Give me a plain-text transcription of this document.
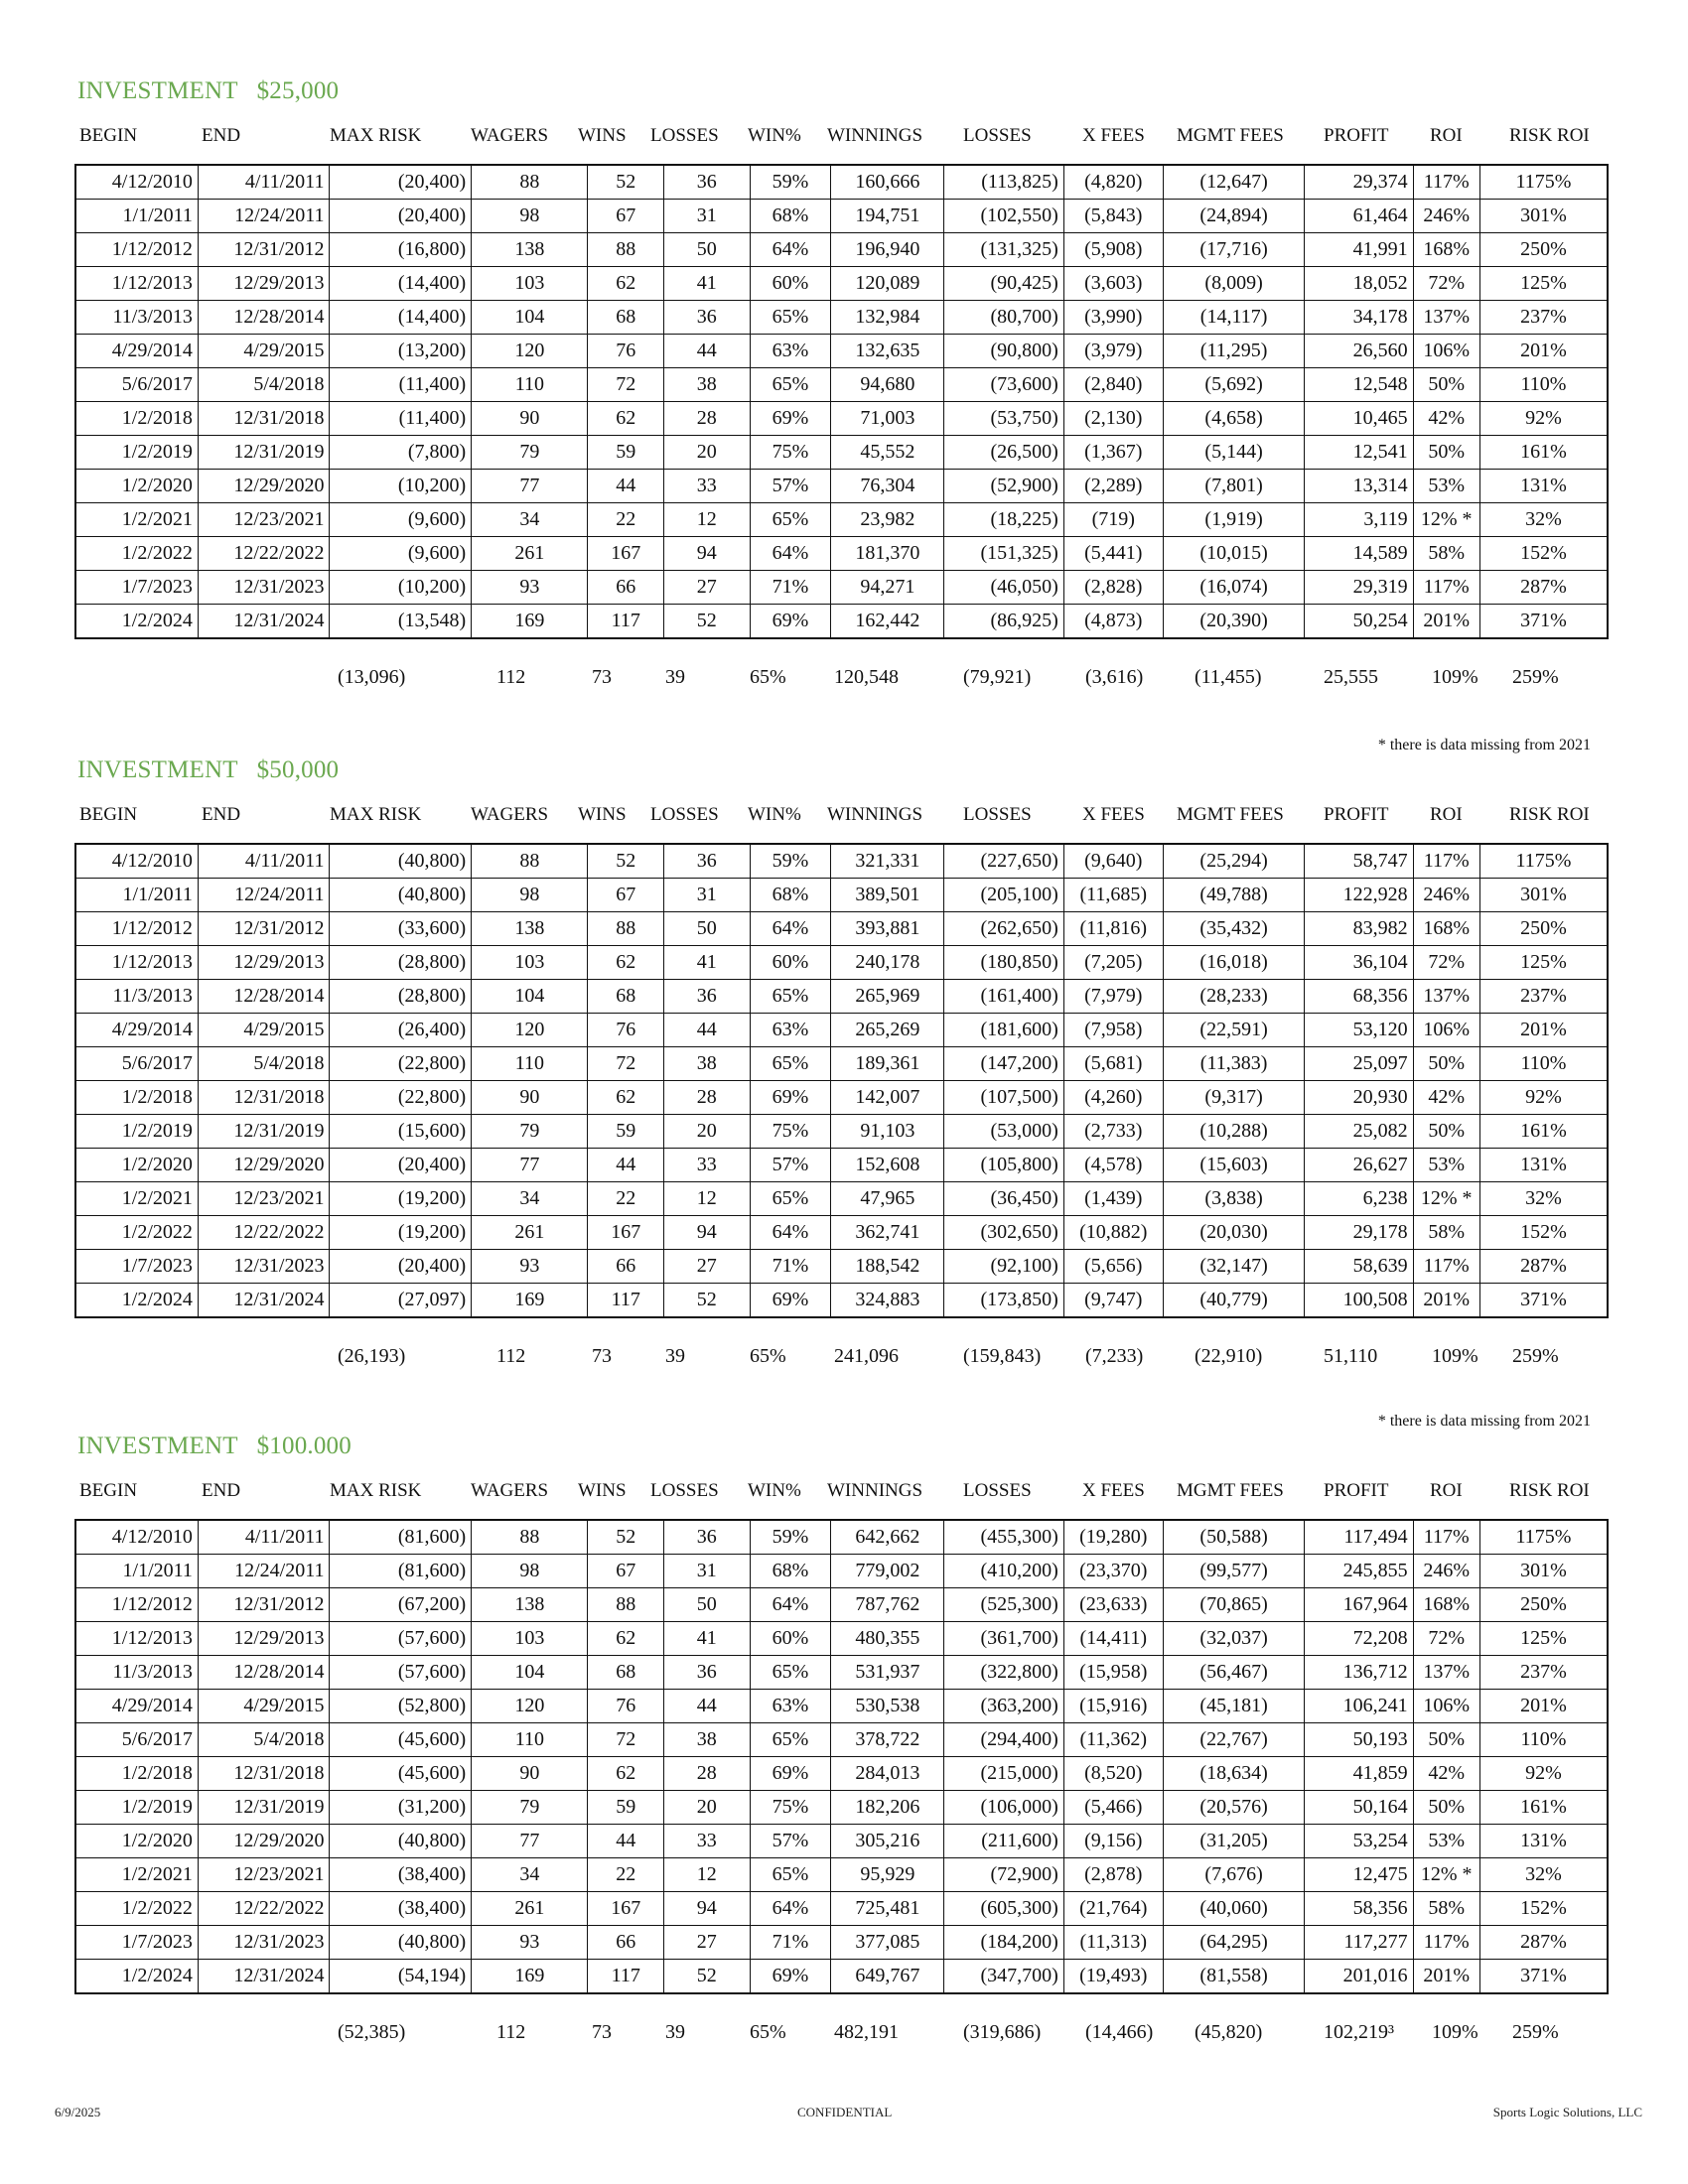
INVESTMENT   $25,000
BEGIN	END	MAX RISK	WAGERS WINS LOSSES WIN% WINNINGS LOSSES	X FEES MGMT FEES PROFIT ROI RISK ROI
4/12/2010	4/11/2011	(20,400)	88	52	36	59%	160,666	(113,825)	(4,820)	(12,647)	29,374	117%	1175%
1/1/2011	12/24/2011	(20,400)	98	67	31	68%	194,751	(102,550)	(5,843)	(24,894)	61,464	246%	301%
1/12/2012	12/31/2012	(16,800)	138	88	50	64%	196,940	(131,325)	(5,908)	(17,716)	41,991	168%	250%
1/12/2013	12/29/2013	(14,400)	103	62	41	60%	120,089	(90,425)	(3,603)	(8,009)	18,052	72%	125%
11/3/2013	12/28/2014	(14,400)	104	68	36	65%	132,984	(80,700)	(3,990)	(14,117)	34,178	137%	237%
4/29/2014	4/29/2015	(13,200)	120	76	44	63%	132,635	(90,800)	(3,979)	(11,295)	26,560	106%	201%
5/6/2017	5/4/2018	(11,400)	110	72	38	65%	94,680	(73,600)	(2,840)	(5,692)	12,548	50%	110%
1/2/2018	12/31/2018	(11,400)	90	62	28	69%	71,003	(53,750)	(2,130)	(4,658)	10,465	42%	92%
1/2/2019	12/31/2019	(7,800)	79	59	20	75%	45,552	(26,500)	(1,367)	(5,144)	12,541	50%	161%
1/2/2020	12/29/2020	(10,200)	77	44	33	57%	76,304	(52,900)	(2,289)	(7,801)	13,314	53%	131%
1/2/2021	12/23/2021	(9,600)	34	22	12	65%	23,982	(18,225)	(719)	(1,919)	3,119	12% *	32%
1/2/2022	12/22/2022	(9,600)	261	167	94	64%	181,370	(151,325)	(5,441)	(10,015)	14,589	58%	152%
1/7/2023	12/31/2023	(10,200)	93	66	27	71%	94,271	(46,050)	(2,828)	(16,074)	29,319	117%	287%
1/2/2024	12/31/2024	(13,548)	169	117	52	69%	162,442	(86,925)	(4,873)	(20,390)	50,254	201%	371%
(13,096)	112	73	39	65% 120,548	(79,921)	(3,616)	(11,455)	25,555	109% 259%
INVESTMENT   $50,000
* there is data missing from 2021
BEGIN	END	MAX RISK	WAGERS WINS LOSSES WIN% WINNINGS LOSSES	X FEES MGMT FEES PROFIT ROI RISK ROI
4/12/2010	4/11/2011	(40,800)	88	52	36	59%	321,331	(227,650)	(9,640)	(25,294)	58,747	117%	1175%
1/1/2011	12/24/2011	(40,800)	98	67	31	68%	389,501	(205,100)	(11,685)	(49,788)	122,928	246%	301%
1/12/2012	12/31/2012	(33,600)	138	88	50	64%	393,881	(262,650)	(11,816)	(35,432)	83,982	168%	250%
1/12/2013	12/29/2013	(28,800)	103	62	41	60%	240,178	(180,850)	(7,205)	(16,018)	36,104	72%	125%
11/3/2013	12/28/2014	(28,800)	104	68	36	65%	265,969	(161,400)	(7,979)	(28,233)	68,356	137%	237%
4/29/2014	4/29/2015	(26,400)	120	76	44	63%	265,269	(181,600)	(7,958)	(22,591)	53,120	106%	201%
5/6/2017	5/4/2018	(22,800)	110	72	38	65%	189,361	(147,200)	(5,681)	(11,383)	25,097	50%	110%
1/2/2018	12/31/2018	(22,800)	90	62	28	69%	142,007	(107,500)	(4,260)	(9,317)	20,930	42%	92%
1/2/2019	12/31/2019	(15,600)	79	59	20	75%	91,103	(53,000)	(2,733)	(10,288)	25,082	50%	161%
1/2/2020	12/29/2020	(20,400)	77	44	33	57%	152,608	(105,800)	(4,578)	(15,603)	26,627	53%	131%
1/2/2021	12/23/2021	(19,200)	34	22	12	65%	47,965	(36,450)	(1,439)	(3,838)	6,238	12% *	32%
1/2/2022	12/22/2022	(19,200)	261	167	94	64%	362,741	(302,650)	(10,882)	(20,030)	29,178	58%	152%
1/7/2023	12/31/2023	(20,400)	93	66	27	71%	188,542	(92,100)	(5,656)	(32,147)	58,639	117%	287%
1/2/2024	12/31/2024	(27,097)	169	117	52	69%	324,883	(173,850)	(9,747)	(40,779)	100,508	201%	371%
(26,193)	112	73	39	65% 241,096	(159,843) (7,233)	(22,910)	51,110	109% 259%
INVESTMENT   $100.000
* there is data missing from 2021
BEGIN	END	MAX RISK	WAGERS WINS LOSSES WIN% WINNINGS LOSSES	X FEES MGMT FEES PROFIT ROI RISK ROI
4/12/2010	4/11/2011	(81,600)	88	52	36	59%	642,662	(455,300)	(19,280)	(50,588)	117,494	117%	1175%
1/1/2011	12/24/2011	(81,600)	98	67	31	68%	779,002	(410,200)	(23,370)	(99,577)	245,855	246%	301%
1/12/2012	12/31/2012	(67,200)	138	88	50	64%	787,762	(525,300)	(23,633)	(70,865)	167,964	168%	250%
1/12/2013	12/29/2013	(57,600)	103	62	41	60%	480,355	(361,700)	(14,411)	(32,037)	72,208	72%	125%
11/3/2013	12/28/2014	(57,600)	104	68	36	65%	531,937	(322,800)	(15,958)	(56,467)	136,712	137%	237%
4/29/2014	4/29/2015	(52,800)	120	76	44	63%	530,538	(363,200)	(15,916)	(45,181)	106,241	106%	201%
5/6/2017	5/4/2018	(45,600)	110	72	38	65%	378,722	(294,400)	(11,362)	(22,767)	50,193	50%	110%
1/2/2018	12/31/2018	(45,600)	90	62	28	69%	284,013	(215,000)	(8,520)	(18,634)	41,859	42%	92%
1/2/2019	12/31/2019	(31,200)	79	59	20	75%	182,206	(106,000)	(5,466)	(20,576)	50,164	50%	161%
1/2/2020	12/29/2020	(40,800)	77	44	33	57%	305,216	(211,600)	(9,156)	(31,205)	53,254	53%	131%
1/2/2021	12/23/2021	(38,400)	34	22	12	65%	95,929	(72,900)	(2,878)	(7,676)	12,475	12% *	32%
1/2/2022	12/22/2022	(38,400)	261	167	94	64%	725,481	(605,300)	(21,764)	(40,060)	58,356	58%	152%
1/7/2023	12/31/2023	(40,800)	93	66	27	71%	377,085	(184,200)	(11,313)	(64,295)	117,277	117%	287%
1/2/2024	12/31/2024	(54,194)	169	117	52	69%	649,767	(347,700)	(19,493)	(81,558)	201,016	201%	371%
(52,385)	112	73	39	65% 482,191	(319,686) (14,466) (45,820)	102,219³ 109% 259%
6/9/2025	CONFIDENTIAL	Sports Logic Solutions, LLC
